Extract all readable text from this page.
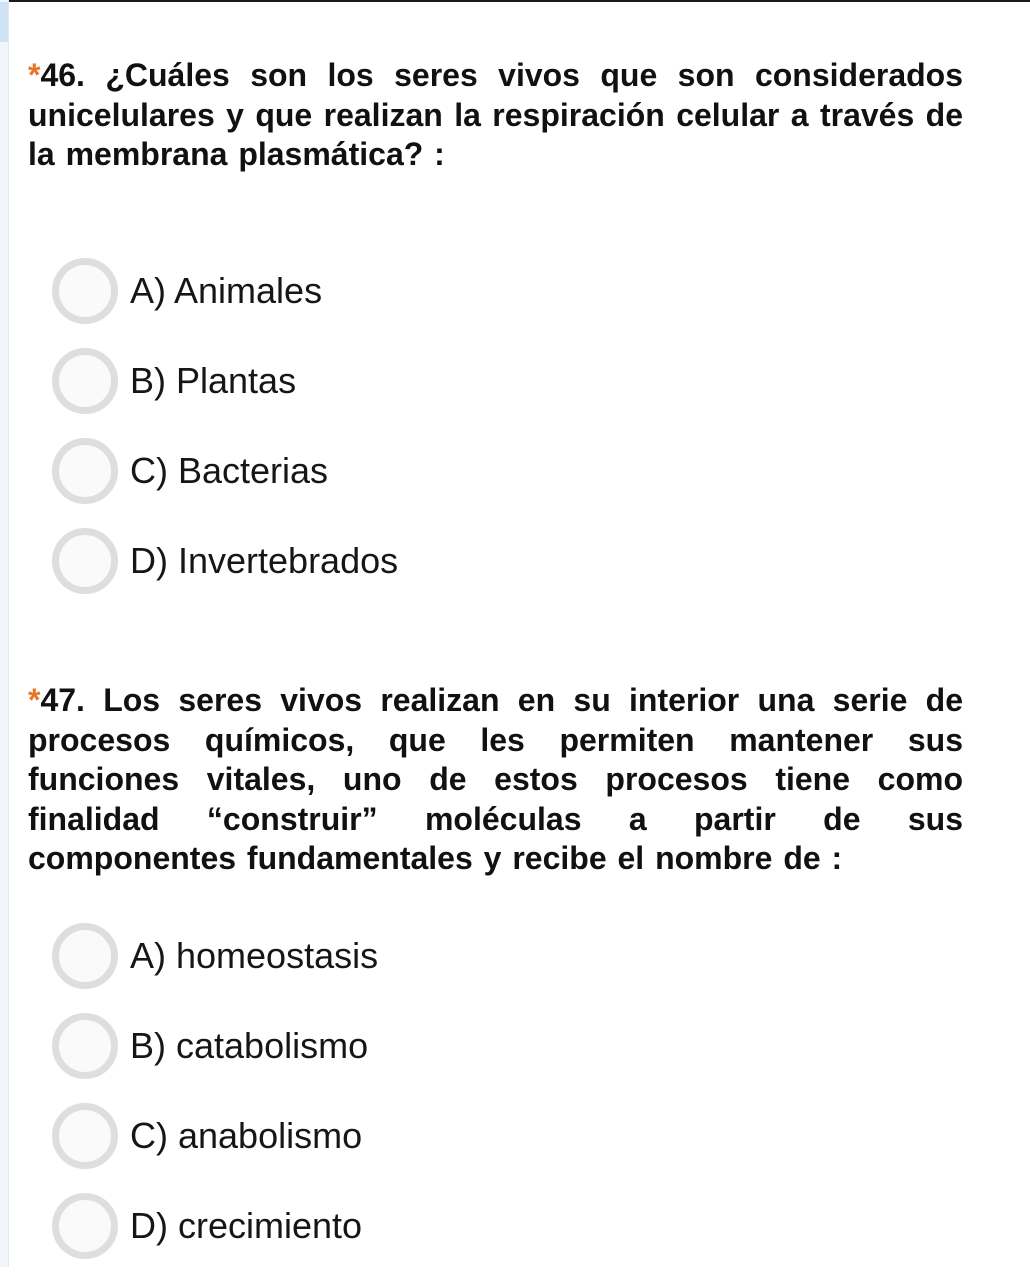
*46. ¿Cuáles son los seres vivos que son considerados unicelulares y que realizan la respiración celular a través de la membrana plasmática? :

A) Animales
B) Plantas
C) Bacterias
D) Invertebrados

*47. Los seres vivos realizan en su interior una serie de procesos químicos, que les permiten mantener sus funciones vitales, uno de estos procesos tiene como finalidad “construir” moléculas a partir de sus componentes fundamentales y recibe el nombre de :

A) homeostasis
B) catabolismo
C) anabolismo
D) crecimiento
